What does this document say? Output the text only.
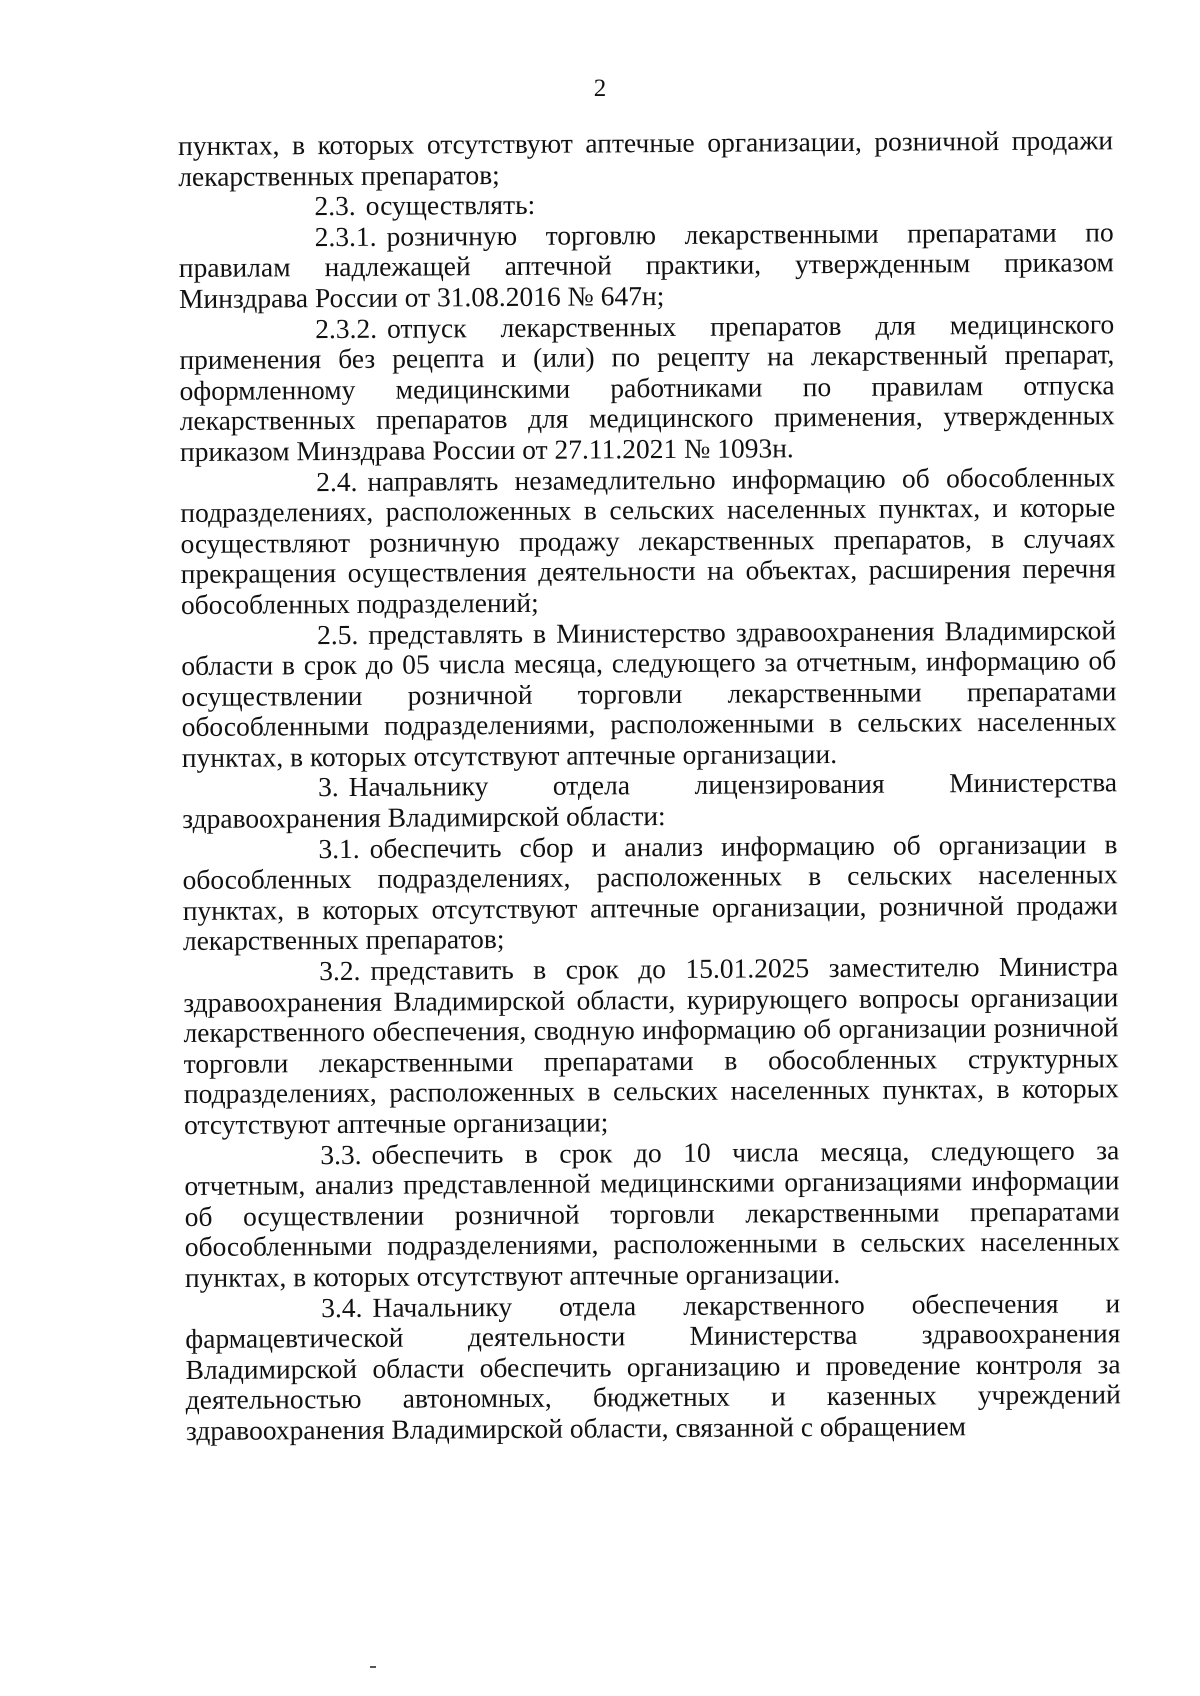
2

пунктах, в которых отсутствуют аптечные организации, розничной продажи лекарственных препаратов;

2.3. осуществлять:

2.3.1. розничную торговлю лекарственными препаратами по правилам надлежащей аптечной практики, утвержденным приказом Минздрава России от 31.08.2016 № 647н;

2.3.2. отпуск лекарственных препаратов для медицинского применения без рецепта и (или) по рецепту на лекарственный препарат, оформленному медицинскими работниками по правилам отпуска лекарственных препаратов для медицинского применения, утвержденных приказом Минздрава России от 27.11.2021 № 1093н.

2.4. направлять незамедлительно информацию об обособленных подразделениях, расположенных в сельских населенных пунктах, и которые осуществляют розничную продажу лекарственных препаратов, в случаях прекращения осуществления деятельности на объектах, расширения перечня обособленных подразделений;

2.5. представлять в Министерство здравоохранения Владимирской области в срок до 05 числа месяца, следующего за отчетным, информацию об осуществлении розничной торговли лекарственными препаратами обособленными подразделениями, расположенными в сельских населенных пунктах, в которых отсутствуют аптечные организации.

3. Начальнику отдела лицензирования Министерства здравоохранения Владимирской области:

3.1. обеспечить сбор и анализ информацию об организации в обособленных подразделениях, расположенных в сельских населенных пунктах, в которых отсутствуют аптечные организации, розничной продажи лекарственных препаратов;

3.2. представить в срок до 15.01.2025 заместителю Министра здравоохранения Владимирской области, курирующего вопросы организации лекарственного обеспечения, сводную информацию об организации розничной торговли лекарственными препаратами в обособленных структурных подразделениях, расположенных в сельских населенных пунктах, в которых отсутствуют аптечные организации;

3.3. обеспечить в срок до 10 числа месяца, следующего за отчетным, анализ представленной медицинскими организациями информации об осуществлении розничной торговли лекарственными препаратами обособленными подразделениями, расположенными в сельских населенных пунктах, в которых отсутствуют аптечные организации.

3.4. Начальнику отдела лекарственного обеспечения и фармацевтической деятельности Министерства здравоохранения Владимирской области обеспечить организацию и проведение контроля за деятельностью автономных, бюджетных и казенных учреждений здравоохранения Владимирской области, связанной с обращением
